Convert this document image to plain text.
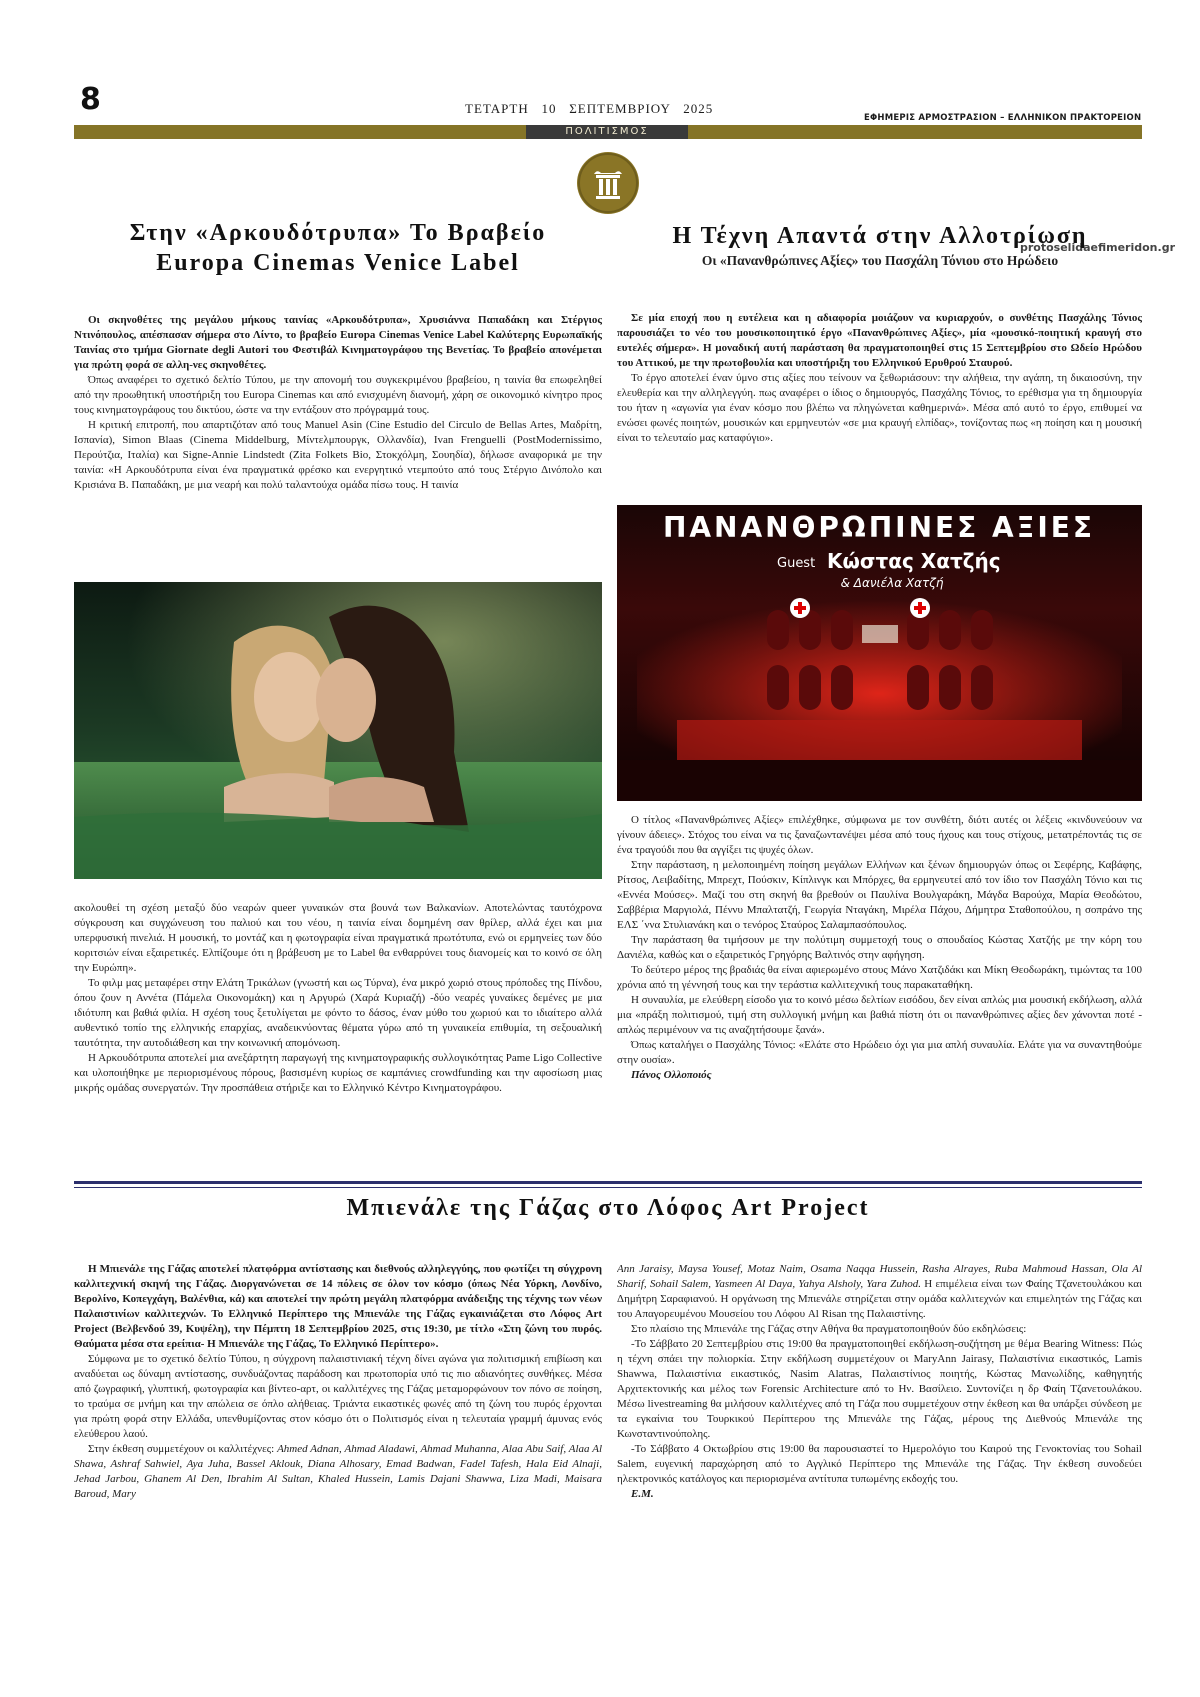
8	ΤΕΤΑΡΤΗ   10   ΣΕΠΤΕΜΒΡΙΟΥ   2025
ΕΦΗΜΕΡΙΣ ΑΡΜΟΣΤΡΑΣΙΟΝ – ΕΛΛΗΝΙΚΟΝ ΠΡΑΚΤΟΡΕΙΟΝ
ΠΟΛΙΤΙΣΜΟΣ
protoselidaefimeridon.gr
Στην «Αρκουδότρυπα» Το Βραβείο
Europa Cinemas Venice Label

Οι σκηνοθέτες της μεγάλου μήκους ταινίας «Αρκουδότρυπα», Χρυσιάννα Παπαδάκη και Στέργιος Ντινόπουλος, απέσπασαν σήμερα στο Λίντο, το βραβείο Europa Cinemas Venice Label Καλύτερης Ευρωπαϊκής Ταινίας στο τμήμα Giornate degli Autori του Φεστιβάλ Κινηματογράφου της Βενετίας. Το βραβείο απονέμεται για πρώτη φορά σε αλλη-νες σκηνοθέτες.

Όπως αναφέρει το σχετικό δελτίο Τύπου, με την απονομή του συγκεκριμένου βραβείου, η ταινία θα επωφεληθεί από την προωθητική υποστήριξη του Europa Cinemas και από ενισχυμένη διανομή, χάρη σε οικονομικό κίνητρο προς τους κινηματογράφους του δικτύου, ώστε να την εντάξουν στο πρόγραμμά τους.

Η κριτική επιτροπή, που απαρτιζόταν από τους Manuel Asin (Cine Estudio del Circulo de Bellas Artes, Μαδρίτη, Ισπανία), Simon Blaas (Cinema Middelburg, Μίντελμπουργκ, Ολλανδία), Ivan Frenguelli (PostModernissimo, Περούτζια, Ιταλία) και Signe-Annie Lindstedt (Zita Folkets Bio, Στοκχόλμη, Σουηδία), δήλωσε αναφορικά με την ταινία: «Η Αρκουδότρυπα είναι ένα πραγματικά φρέσκο και ενεργητικό ντεμπούτο από τους Στέργιο Δινόπολο και Κρισιάνα Β. Παπαδάκη, με μια νεαρή και πολύ ταλαντούχα ομάδα πίσω τους. Η ταινία

ακολουθεί τη σχέση μεταξύ δύο νεαρών queer γυναικών στα βουνά των Βαλκανίων. Αποτελώντας ταυτόχρονα σύγκρουση και συγχώνευση του παλιού και του νέου, η ταινία είναι δομημένη σαν θρίλερ, αλλά έχει και μια υπερφυσική πινελιά. Η μουσική, το μοντάζ και η φωτογραφία είναι πραγματικά πρωτότυπα, ενώ οι ερμηνείες των δύο κοριτσιών είναι εξαιρετικές. Ελπίζουμε ότι η βράβευση με το Label θα ενθαρρύνει τους διανομείς και το κοινό σε όλη την Ευρώπη».

Το φιλμ μας μεταφέρει στην Ελάτη Τρικάλων (γνωστή και ως Τύρνα), ένα μικρό χωριό στους πρόποδες της Πίνδου, όπου ζουν η Αννέτα (Πάμελα Οικονομάκη) και η Αργυρώ (Χαρά Κυριαζή) -δύο νεαρές γυναίκες δεμένες με μια ιδιότυπη και βαθιά φιλία. Η σχέση τους ξετυλίγεται με φόντο το δάσος, έναν μύθο του χωριού και το ιδιαίτερο αλλά αυθεντικό τοπίο της ελληνικής επαρχίας, αναδεικνύοντας θέματα γύρω από τη γυναικεία επιθυμία, τη σεξουαλική ταυτότητα, την αυτοδιάθεση και την κοινωνική απομόνωση.

Η Αρκουδότρυπα αποτελεί μια ανεξάρτητη παραγωγή της κινηματογραφικής συλλογικότητας Pame Ligo Collective και υλοποιήθηκε με περιορισμένους πόρους, βασισμένη κυρίως σε καμπάνιες crowdfunding και την αφοσίωση μιας μικρής ομάδας συνεργατών. Την προσπάθεια στήριξε και το Ελληνικό Κέντρο Κινηματογράφου.

Η Τέχνη Απαντά στην Αλλοτρίωση
Οι «Πανανθρώπινες Αξίες» του Πασχάλη Τόνιου στο Ηρώδειο

Σε μία εποχή που η ευτέλεια και η αδιαφορία μοιάζουν να κυριαρχούν, ο συνθέτης Πασχάλης Τόνιος παρουσιάζει το νέο του μουσικοποιητικό έργο «Πανανθρώπινες Αξίες», μία «μουσικό-ποιητική κραυγή στο ευτελές σήμερα». Η μοναδική αυτή παράσταση θα πραγματοποιηθεί στις 15 Σεπτεμβρίου στο Ωδείο Ηρώδου του Αττικού, με την πρωτοβουλία και υποστήριξη του Ελληνικού Ερυθρού Σταυρού.

Το έργο αποτελεί έναν ύμνο στις αξίες που τείνουν να ξεθωριάσουν: την αλήθεια, την αγάπη, τη δικαιοσύνη, την ελευθερία και την αλληλεγγύη. πως αναφέρει ο ίδιος ο δημιουργός, Πασχάλης Τόνιος, το ερέθισμα για τη δημιουργία του ήταν η «αγωνία για έναν κόσμο που βλέπω να πληγώνεται καθημερινά». Μέσα από αυτό το έργο, επιθυμεί να ενώσει φωνές ποιητών, μουσικών και ερμηνευτών «σε μια κραυγή ελπίδας», τονίζοντας πως «η ποίηση και η μουσική είναι το τελευταίο μας καταφύγιο».

ΠΑΝΑΝΘΡΩΠΙΝΕΣ ΑΞΙΕΣ
Guest Κώστας Χατζής
& Δανιέλα Χατζή

Ο τίτλος «Πανανθρώπινες Αξίες» επιλέχθηκε, σύμφωνα με τον συνθέτη, διότι αυτές οι λέξεις «κινδυνεύουν να γίνουν άδειες». Στόχος του είναι να τις ξαναζωντανέψει μέσα από τους ήχους και τους στίχους, μετατρέποντάς τις σε ένα τραγούδι που θα αγγίξει τις ψυχές όλων.

Στην παράσταση, η μελοποιημένη ποίηση μεγάλων Ελλήνων και ξένων δημιουργών όπως οι Σεφέρης, Καβάφης, Ρίτσος, Λειβαδίτης, Μπρεχτ, Πούσκιν, Κίπλινγκ και Μπόρχες, θα ερμηνευτεί από τον ίδιο τον Πασχάλη Τόνιο και τις «Εννέα Μούσες». Μαζί του στη σκηνή θα βρεθούν οι Παυλίνα Βουλγαράκη, Μάγδα Βαρούχα, Μαρία Θεοδώτου, Σαββέρια Μαργιολά, Πέννυ Μπαλτατζή, Γεωργία Νταγάκη, Μιρέλα Πάχου, Δήμητρα Σταθοπούλου, η σοπράνο της ΕΛΣ ΄ννα Στυλιανάκη και ο τενόρος Σταύρος Σαλαμπασόπουλος.

Την παράσταση θα τιμήσουν με την πολύτιμη συμμετοχή τους ο σπουδαίος Κώστας Χατζής με την κόρη του Δανιέλα, καθώς και ο εξαιρετικός Γρηγόρης Βαλτινός στην αφήγηση.

Το δεύτερο μέρος της βραδιάς θα είναι αφιερωμένο στους Μάνο Χατζιδάκι και Μίκη Θεοδωράκη, τιμώντας τα 100 χρόνια από τη γέννησή τους και την τεράστια καλλιτεχνική τους παρακαταθήκη.

Η συναυλία, με ελεύθερη είσοδο για το κοινό μέσω δελτίων εισόδου, δεν είναι απλώς μια μουσική εκδήλωση, αλλά μια «πράξη πολιτισμού, τιμή στη συλλογική μνήμη και βαθιά πίστη ότι οι πανανθρώπινες αξίες δεν χάνονται ποτέ - απλώς περιμένουν να τις αναζητήσουμε ξανά».

Όπως καταλήγει ο Πασχάλης Τόνιος: «Ελάτε στο Ηρώδειο όχι για μια απλή συναυλία. Ελάτε για να συναντηθούμε στην ουσία».

Πάνος Ολλοποιός

Μπιενάλε της Γάζας στο Λόφος Art Project

Η Μπιενάλε της Γάζας αποτελεί πλατφόρμα αντίστασης και διεθνούς αλληλεγγύης, που φωτίζει τη σύγχρονη καλλιτεχνική σκηνή της Γάζας. Διοργανώνεται σε 14 πόλεις σε όλον τον κόσμο (όπως Νέα Υόρκη, Λονδίνο, Βερολίνο, Κοπεγχάγη, Βαλένθια, κά) και αποτελεί την πρώτη μεγάλη πλατφόρμα ανάδειξης της τέχνης των νέων Παλαιστινίων καλλιτεχνών. Το Ελληνικό Περίπτερο της Μπιενάλε της Γάζας εγκαινιάζεται στο Λόφος Art Project (Βελβενδού 39, Κυψέλη), την Πέμπτη 18 Σεπτεμβρίου 2025, στις 19:30, με τίτλο «Στη ζώνη του πυρός. Θαύματα μέσα στα ερείπια- Η Μπιενάλε της Γάζας, Το Ελληνικό Περίπτερο».

Σύμφωνα με το σχετικό δελτίο Τύπου, η σύγχρονη παλαιστινιακή τέχνη δίνει αγώνα για πολιτισμική επιβίωση και αναδύεται ως δύναμη αντίστασης, συνδυάζοντας παράδοση και πρωτοπορία υπό τις πιο αδιανόητες συνθήκες. Μέσα από ζωγραφική, γλυπτική, φωτογραφία και βίντεο-αρτ, οι καλλιτέχνες της Γάζας μεταμορφώνουν τον πόνο σε ποίηση, το τραύμα σε μνήμη και την απώλεια σε όπλο αλήθειας. Τριάντα εικαστικές φωνές από τη ζώνη του πυρός έρχονται για πρώτη φορά στην Ελλάδα, υπενθυμίζοντας στον κόσμο ότι ο Πολιτισμός είναι η τελευταία γραμμή άμυνας ενός ελεύθερου λαού.

Στην έκθεση συμμετέχουν οι καλλιτέχνες: Ahmed Adnan, Ahmad Aladawi, Ahmad Muhanna, Alaa Abu Saif, Alaa Al Shawa, Ashraf Sahwiel, Aya Juha, Bassel Aklouk, Diana Alhosary, Emad Badwan, Fadel Tafesh, Hala Eid Alnaji, Jehad Jarbou, Ghanem Al Den, Ibrahim Al Sultan, Khaled Hussein, Lamis Dajani Shawwa, Liza Madi, Maisara Baroud, Mary

Ann Jaraisy, Maysa Yousef, Motaz Naim, Osama Naqqa Hussein, Rasha Alrayes, Ruba Mahmoud Hassan, Ola Al Sharif, Sohail Salem, Yasmeen Al Daya, Yahya Alsholy, Yara Zuhod. Η επιμέλεια είναι των Φαίης Τζανετουλάκου και Δημήτρη Σαραφιανού. Η οργάνωση της Μπιενάλε στηρίζεται στην ομάδα καλλιτεχνών και επιμελητών της Γάζας και του Απαγορευμένου Μουσείου του Λόφου Al Risan της Παλαιστίνης.

Στο πλαίσιο της Μπιενάλε της Γάζας στην Αθήνα θα πραγματοποιηθούν δύο εκδηλώσεις:

-Το Σάββατο 20 Σεπτεμβρίου στις 19:00 θα πραγματοποιηθεί εκδήλωση-συζήτηση με θέμα Bearing Witness: Πώς η τέχνη σπάει την πολιορκία. Στην εκδήλωση συμμετέχουν οι MaryAnn Jairasy, Παλαιστίνια εικαστικός, Lamis Shawwa, Παλαιστίνια εικαστικός, Nasim Alatras, Παλαιστίνιος ποιητής, Κώστας Μανωλίδης, καθηγητής Αρχιτεκτονικής και μέλος των Forensic Architecture από το Ην. Βασίλειο. Συντονίζει η δρ Φαίη Τζανετουλάκου. Μέσω livestreaming θα μιλήσουν καλλιτέχνες από τη Γάζα που συμμετέχουν στην έκθεση και θα υπάρξει σύνδεση με τα εγκαίνια του Τουρκικού Περίπτερου της Μπιενάλε της Γάζας, μέρους της Διεθνούς Μπιενάλε της Κωνσταντινούπολης.

-Το Σάββατο 4 Οκτωβρίου στις 19:00 θα παρουσιαστεί το Ημερολόγιο του Καιρού της Γενοκτονίας του Sohail Salem, ευγενική παραχώρηση από το Αγγλικό Περίπτερο της Μπιενάλε της Γάζας. Την έκθεση συνοδεύει ηλεκτρονικός κατάλογος και περιορισμένα αντίτυπα τυπωμένης εκδοχής του.

Ε.Μ.
